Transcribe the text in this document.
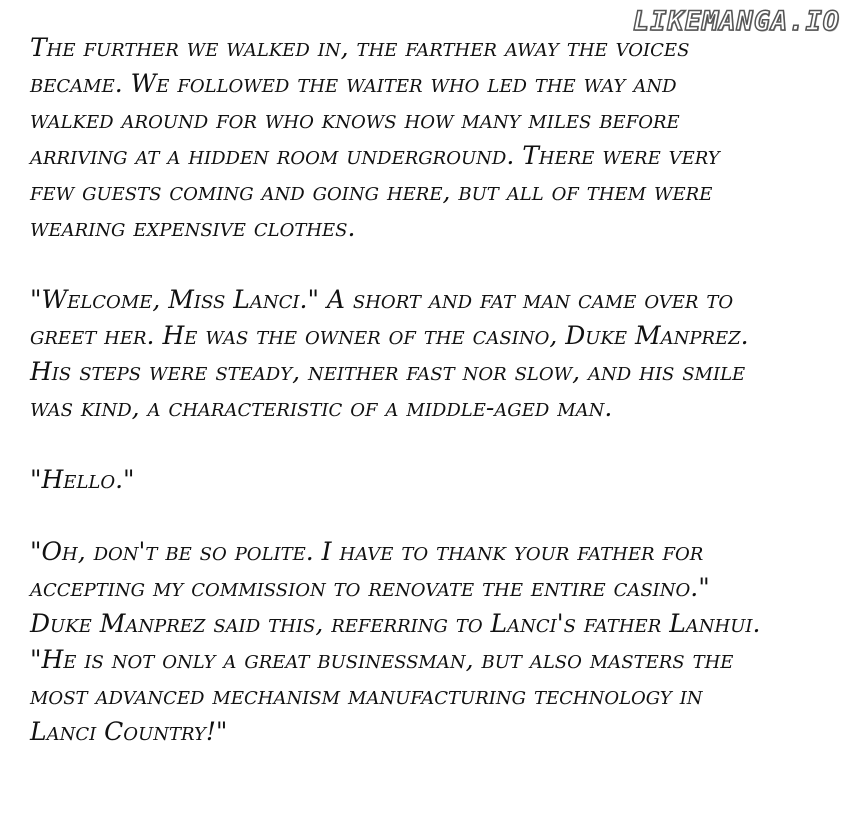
LIKEMANGA.IO
The further we walked in, the farther away the voices
became. We followed the waiter who led the way and
walked around for who knows how many miles before
arriving at a hidden room underground. There were very
few guests coming and going here, but all of them were
wearing expensive clothes.
"Welcome, Miss Lanci." A short and fat man came over to
greet her. He was the owner of the casino, Duke Manprez.
His steps were steady, neither fast nor slow, and his smile
was kind, a characteristic of a middle-aged man.
"Hello."
"Oh, don't be so polite. I have to thank your father for
accepting my commission to renovate the entire casino."
Duke Manprez said this, referring to Lanci's father Lanhui.
"He is not only a great businessman, but also masters the
most advanced mechanism manufacturing technology in
Lanci Country!"
